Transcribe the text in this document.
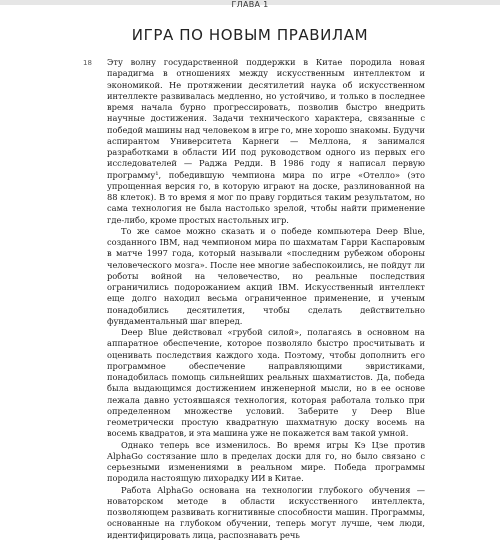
ГЛАВА 1
ИГРА ПО НОВЫМ ПРАВИЛАМ
18 Эту волну государственной поддержки в Китае породила новая парадигма в отношениях между искусственным интеллектом и экономикой. Не протяжении десятилетий наука об искусственном интеллекте развивалась медленно, но устойчиво, и только в последнее время начала бурно прогрессировать, позволив быстро внедрить научные достижения. Задачи технического характера, связанные с победой машины над человеком в игре го, мне хорошо знакомы. Будучи аспирантом Университета Карнеги — Меллона, я занимался разработками в области ИИ под руководством одного из первых его исследователей — Раджа Редди. В 1986 году я написал первую программу¹, победившую чемпиона мира по игре «Отелло» (это упрощенная версия го, в которую играют на доске, разлинованной на 88 клеток). В то время я мог по праву гордиться таким результатом, но сама технология не была настолько зрелой, чтобы найти применение где-либо, кроме простых настольных игр.

То же самое можно сказать и о победе компьютера Deep Blue, созданного IBM, над чемпионом мира по шахматам Гарри Каспаровым в матче 1997 года, который называли «последним рубежом обороны человеческого мозга». После нее многие забеспокоились, не пойдут ли роботы войной на человечество, но реальные последствия ограничились подорожанием акций IBM. Искусственный интеллект еще долго находил весьма ограниченное применение, и ученым понадобились десятилетия, чтобы сделать действительно фундаментальный шаг вперед.

Deep Blue действовал «грубой силой», полагаясь в основном на аппаратное обеспечение, которое позволяло быстро просчитывать и оценивать последствия каждого хода. Поэтому, чтобы дополнить его программное обеспечение направляющими эвристиками, понадобилась помощь сильнейших реальных шахматистов. Да, победа была выдающимся достижением инженерной мысли, но в ее основе лежала давно устоявшаяся технология, которая работала только при определенном множестве условий. Заберите у Deep Blue геометрически простую квадратную шахматную доску восемь на восемь квадратов, и эта машина уже не покажется вам такой умной.

Однако теперь все изменилось. Во время игры Кэ Цзе против AlphaGo состязание шло в пределах доски для го, но было связано с серьезными изменениями в реальном мире. Победа программы породила настоящую лихорадку ИИ в Китае.

Работа AlphaGo основана на технологии глубокого обучения — новаторском методе в области искусственного интеллекта, позволяющем развивать когнитивные способности машин. Программы, основанные на глубоком обучении, теперь могут лучше, чем люди, идентифицировать лица, распознавать речь
